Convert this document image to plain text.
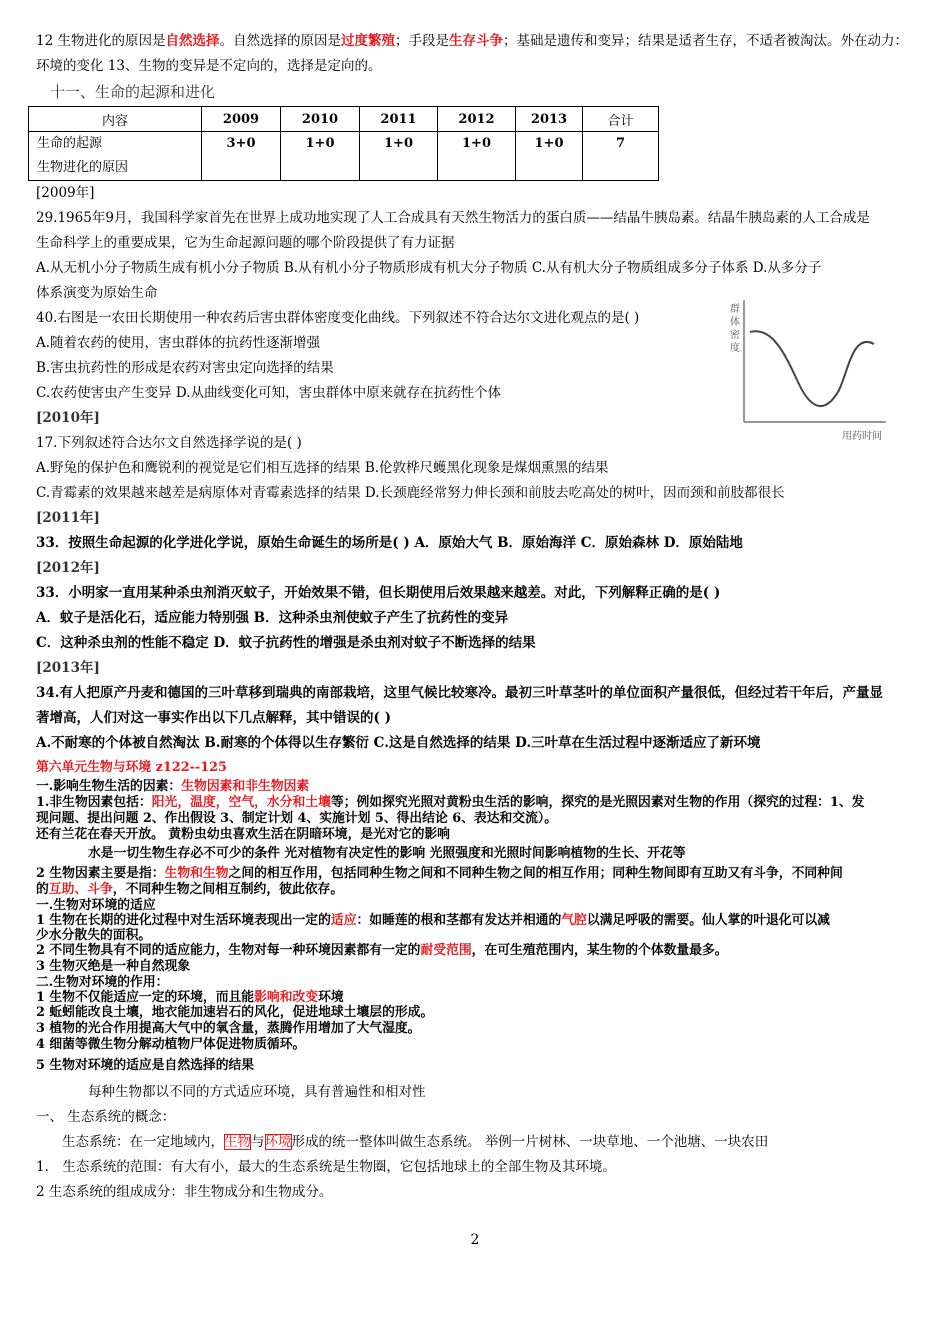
12 生物进化的原因是自然选择。自然选择的原因是过度繁殖；手段是生存斗争；基础是遗传和变异；结果是适者生存，不适者被淘汰。外在动力：
环境的变化 13、生物的变异是不定向的，选择是定向的。
十一、生命的起源和进化
内容	2009	2010	2011	2012	2013	合计

生命的起源
生物进化的原因	3+0	1+0	1+0	1+0	1+0	7
[2009年]
29.1965年9月，我国科学家首先在世界上成功地实现了人工合成具有天然生物活力的蛋白质——结晶牛胰岛素。结晶牛胰岛素的人工合成是
生命科学上的重要成果，它为生命起源问题的哪个阶段提供了有力证据
A.从无机小分子物质生成有机小分子物质 B.从有机小分子物质形成有机大分子物质 C.从有机大分子物质组成多分子体系 D.从多分子
体系演变为原始生命
40.右图是一农田长期使用一种农药后害虫群体密度变化曲线。下列叙述不符合达尔文进化观点的是( )
A.随着农药的使用，害虫群体的抗药性逐渐增强
B.害虫抗药性的形成是农药对害虫定向选择的结果
C.农药使害虫产生变异 D.从曲线变化可知，害虫群体中原来就存在抗药性个体
群
体
密
度
用药时间
[2010年]
17.下列叙述符合达尔文自然选择学说的是( )
A.野兔的保护色和鹰锐利的视觉是它们相互选择的结果 B.伦敦桦尺蠖黑化现象是煤烟熏黑的结果
C.青霉素的效果越来越差是病原体对青霉素选择的结果 D.长颈鹿经常努力伸长颈和前肢去吃高处的树叶，因而颈和前肢都很长
[2011年]
33．按照生命起源的化学进化学说，原始生命诞生的场所是( ) A．原始大气 B．原始海洋 C．原始森林 D．原始陆地
[2012年]
33．小明家一直用某种杀虫剂消灭蚊子，开始效果不错，但长期使用后效果越来越差。对此，下列解释正确的是( )
A．蚊子是活化石，适应能力特别强 B．这种杀虫剂使蚊子产生了抗药性的变异
C．这种杀虫剂的性能不稳定 D．蚊子抗药性的增强是杀虫剂对蚊子不断选择的结果
[2013年]
34.有人把原产丹麦和德国的三叶草移到瑞典的南部栽培，这里气候比较寒冷。最初三叶草茎叶的单位面积产量很低，但经过若干年后，产量显
著增高，人们对这一事实作出以下几点解释，其中错误的( )
A.不耐寒的个体被自然淘汰 B.耐寒的个体得以生存繁衍 C.这是自然选择的结果 D.三叶草在生活过程中逐渐适应了新环境
第六单元生物与环境 z122--125
一.影响生物生活的因素：生物因素和非生物因素
1.非生物因素包括：阳光，温度，空气，水分和土壤等；例如探究光照对黄粉虫生活的影响，探究的是光照因素对生物的作用（探究的过程：1、发
现问题、提出问题 2、作出假设 3、制定计划 4、实施计划 5、得出结论 6、表达和交流）。
还有兰花在春天开放。 黄粉虫幼虫喜欢生活在阴暗环境，是光对它的影响
水是一切生物生存必不可少的条件 光对植物有决定性的影响 光照强度和光照时间影响植物的生长、开花等
2 生物因素主要是指：生物和生物之间的相互作用，包括同种生物之间和不同种生物之间的相互作用；同种生物间即有互助又有斗争，不同种间
的互助、斗争，不同种生物之间相互制约，彼此依存。
一.生物对环境的适应
1 生物在长期的进化过程中对生活环境表现出一定的适应：如睡莲的根和茎都有发达并相通的气腔以满足呼吸的需要。仙人掌的叶退化可以减
少水分散失的面积。
2 不同生物具有不同的适应能力，生物对每一种环境因素都有一定的耐受范围，在可生殖范围内，某生物的个体数量最多。
3 生物灭绝是一种自然现象
二.生物对环境的作用：
1 生物不仅能适应一定的环境，而且能影响和改变环境
2 蚯蚓能改良土壤，地衣能加速岩石的风化，促进地球土壤层的形成。
3 植物的光合作用提高大气中的氧含量，蒸腾作用增加了大气湿度。
4 细菌等微生物分解动植物尸体促进物质循环。
5 生物对环境的适应是自然选择的结果
每种生物都以不同的方式适应环境，具有普遍性和相对性
一、 生态系统的概念：
生态系统：在一定地域内，生物与环境形成的统一整体叫做生态系统。 举例一片树林、一块草地、一个池塘、一块农田
1． 生态系统的范围：有大有小，最大的生态系统是生物圈，它包括地球上的全部生物及其环境。
2 生态系统的组成成分：非生物成分和生物成分。
2
